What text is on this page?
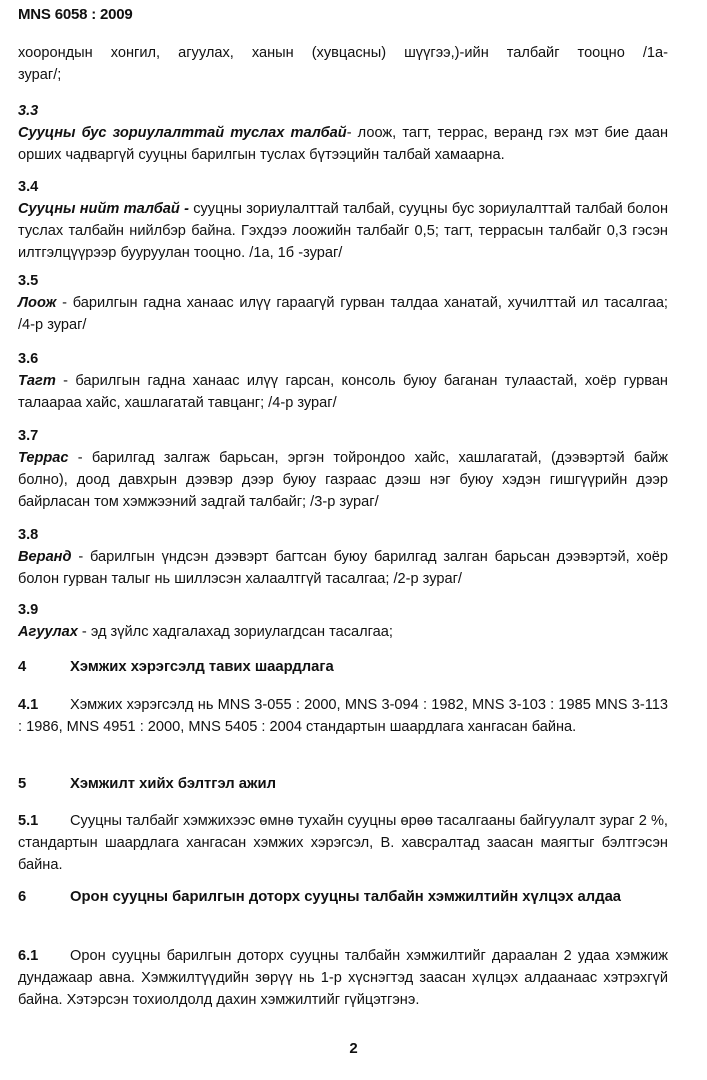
MNS 6058 : 2009
хоорондын хонгил, агуулах, ханын (хувцасны) шүүгээ,)-ийн талбайг тооцно /1а-
зураг/;
3.3
Сууцны бус зориулалттай туслах талбай- лоож, тагт, террас, веранд гэх мэт бие даан орших чадваргүй сууцны барилгын туслах бүтээцийн талбай хамаарна.
3.4
Сууцны нийт талбай - сууцны зориулалттай талбай, сууцны бус зориулалттай талбай болон туслах талбайн нийлбэр байна. Гэхдээ лоожийн талбайг 0,5; тагт, террасын талбайг 0,3 гэсэн илтгэлцүүрээр бууруулан тооцно. /1а, 1б -зураг/
3.5
Лоож - барилгын гадна ханаас илүү гараагүй гурван талдаа ханатай, хучилттай ил тасалгаа; /4-р зураг/
3.6
Тагт - барилгын гадна ханаас илүү гарсан, консоль буюу баганан тулаастай, хоёр гурван талаараа хайс, хашлагатай тавцанг; /4-р зураг/
3.7
Террас - барилгад залгаж барьсан, эргэн тойрондоо хайс, хашлагатай, (дээвэртэй байж болно), доод давхрын дээвэр дээр буюу газраас дээш нэг буюу хэдэн гишгүүрийн дээр байрласан том хэмжээний задгай талбайг; /3-р зураг/
3.8
Веранд - барилгын үндсэн дээвэрт багтсан буюу барилгад залган барьсан дээвэртэй, хоёр болон гурван талыг нь шиллэсэн халаалтгүй тасалгаа; /2-р зураг/
3.9
Агуулах - эд зүйлс хадгалахад зориулагдсан тасалгаа;
4	Хэмжих хэрэгсэлд тавих шаардлага
4.1 Хэмжих хэрэгсэлд нь MNS 3-055 : 2000, MNS 3-094 : 1982, MNS 3-103 : 1985 MNS 3-113 : 1986, MNS 4951 : 2000, MNS 5405 : 2004 стандартын шаардлага хангасан байна.
5	Хэмжилт хийх бэлтгэл ажил
5.1 Сууцны талбайг хэмжихээс өмнө тухайн сууцны өрөө тасалгааны байгуулалт зураг 2 %, стандартын шаардлага хангасан хэмжих хэрэгсэл, В. хавсралтад заасан маягтыг бэлтгэсэн байна.
6	Орон сууцны барилгын доторх сууцны талбайн хэмжилтийн хүлцэх алдаа
6.1 Орон сууцны барилгын доторх сууцны талбайн хэмжилтийг дараалан 2 удаа хэмжиж дундажаар авна. Хэмжилтүүдийн зөрүү нь 1-р хүснэгтэд заасан хүлцэх алдаанаас хэтрэхгүй байна. Хэтэрсэн тохиолдолд дахин хэмжилтийг гүйцэтгэнэ.
2
